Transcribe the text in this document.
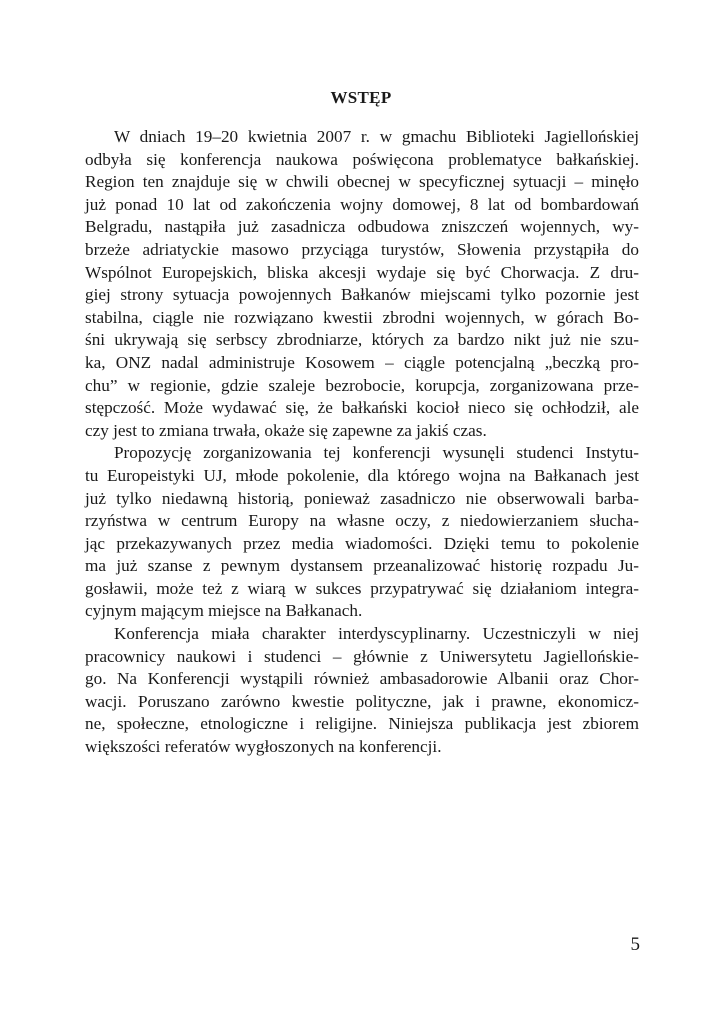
WSTĘP
W dniach 19–20 kwietnia 2007 r. w gmachu Biblioteki Jagiellońskiej
odbyła się konferencja naukowa poświęcona problematyce bałkańskiej.
Region ten znajduje się w chwili obecnej w specyficznej sytuacji – minęło
już ponad 10 lat od zakończenia wojny domowej, 8 lat od bombardowań
Belgradu, nastąpiła już zasadnicza odbudowa zniszczeń wojennych, wy-
brzeże adriatyckie masowo przyciąga turystów, Słowenia przystąpiła do
Wspólnot Europejskich, bliska akcesji wydaje się być Chorwacja. Z dru-
giej strony sytuacja powojennych Bałkanów miejscami tylko pozornie jest
stabilna, ciągle nie rozwiązano kwestii zbrodni wojennych, w górach Bo-
śni ukrywają się serbscy zbrodniarze, których za bardzo nikt już nie szu-
ka, ONZ nadal administruje Kosowem – ciągle potencjalną „beczką pro-
chu” w regionie, gdzie szaleje bezrobocie, korupcja, zorganizowana prze-
stępczość. Może wydawać się, że bałkański kocioł nieco się ochłodził, ale
czy jest to zmiana trwała, okaże się zapewne za jakiś czas.
Propozycję zorganizowania tej konferencji wysunęli studenci Instytu-
tu Europeistyki UJ, młode pokolenie, dla którego wojna na Bałkanach jest
już tylko niedawną historią, ponieważ zasadniczo nie obserwowali barba-
rzyństwa w centrum Europy na własne oczy, z niedowierzaniem słucha-
jąc przekazywanych przez media wiadomości. Dzięki temu to pokolenie
ma już szanse z pewnym dystansem przeanalizować historię rozpadu Ju-
gosławii, może też z wiarą w sukces przypatrywać się działaniom integra-
cyjnym mającym miejsce na Bałkanach.
Konferencja miała charakter interdyscyplinarny. Uczestniczyli w niej
pracownicy naukowi i studenci – głównie z Uniwersytetu Jagiellońskie-
go. Na Konferencji wystąpili również ambasadorowie Albanii oraz Chor-
wacji. Poruszano zarówno kwestie polityczne, jak i prawne, ekonomicz-
ne, społeczne, etnologiczne i religijne. Niniejsza publikacja jest zbiorem
większości referatów wygłoszonych na konferencji.
5
